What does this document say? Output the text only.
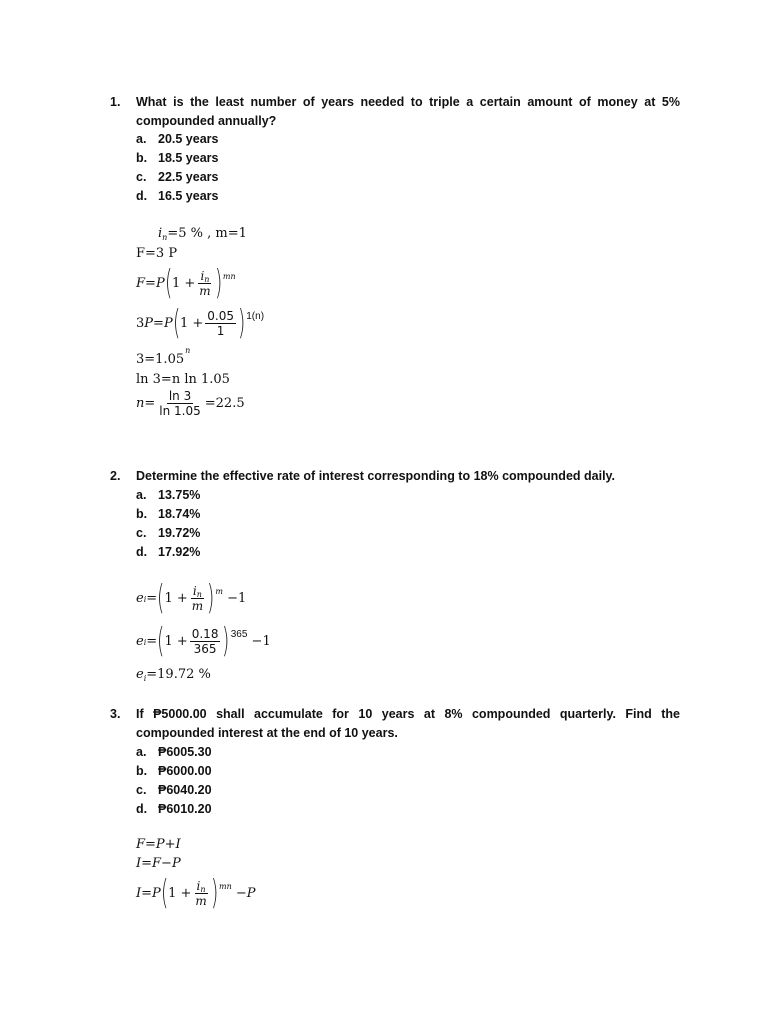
1. What is the least number of years needed to triple a certain amount of money at 5% compounded annually?
a. 20.5 years
b. 18.5 years
c. 22.5 years
d. 16.5 years
$i_n=5$ % , m=1
F=3 P
F = P ( $1 + \frac{i_n}{m} )^{mn}$
3 P = P ( $1 + \frac{0.05}{1} )^{1(n)}$
$3=1.05^n$
ln 3=n ln 1.05
$n = \frac{\ln 3}{\ln 1.05} =22.5$
2. Determine the effective rate of interest corresponding to 18% compounded daily.
a. 13.75%
b. 18.74%
c. 19.72%
d. 17.92%
$e_i$ = ( $1 + \frac{i_n}{m} )^m -1$
$e_i$ = ( $1 + \frac{0.18}{365} )^{365}$
−1
$e_i=19.72$ %
3. If ₱5000.00 shall accumulate for 10 years at 8% compounded quarterly. Find the compounded interest at the end of 10 years.
a. ₱6005.30
b. ₱6000.00
c. ₱6040.20
d. ₱6010.20
F=P+I
I=F−P
I = P ( $1 + \frac{i_n}{m} )^{mn}$
−P
